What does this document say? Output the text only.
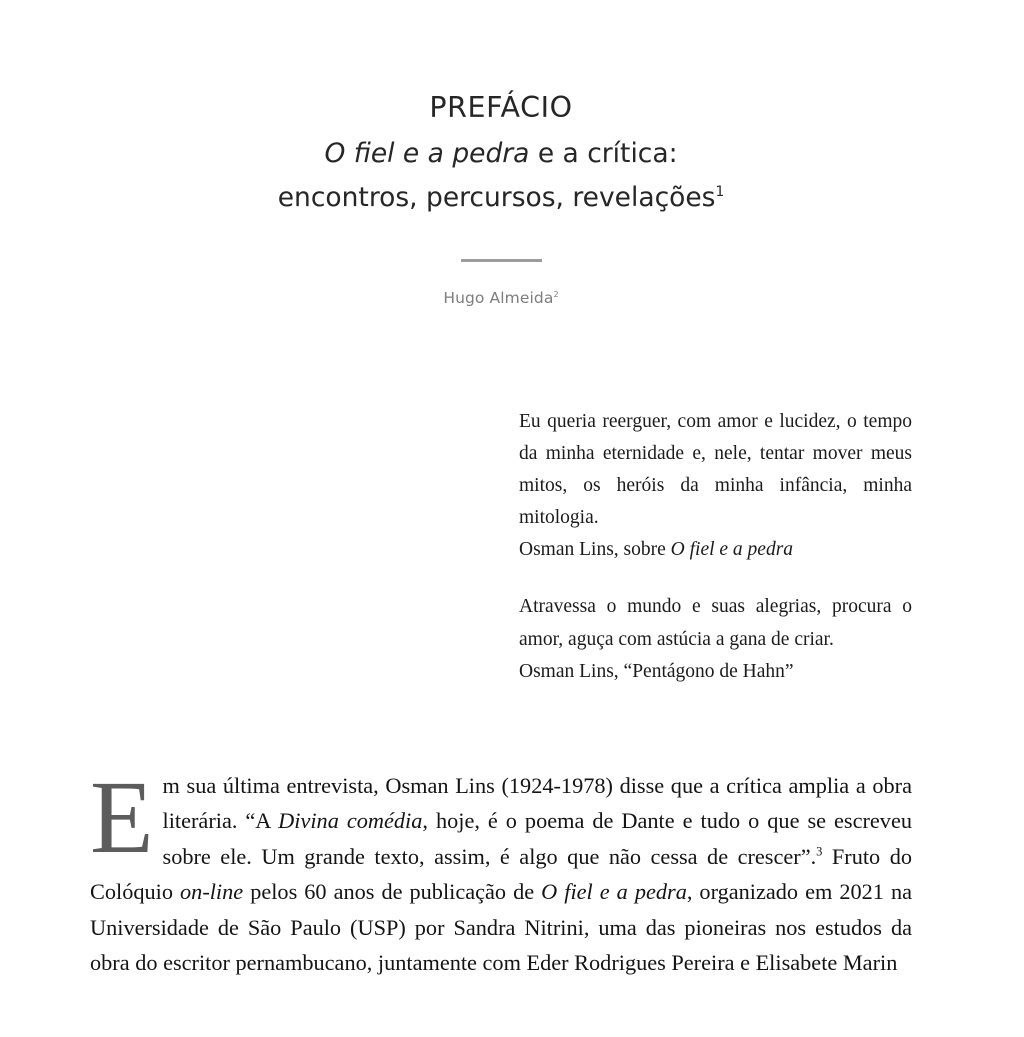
PREFÁCIO
O fiel e a pedra e a crítica:
encontros, percursos, revelações$^1$
Hugo Almeida$^2$

Eu queria reerguer, com amor e lucidez, o tempo da minha eternidade e, nele, tentar mover meus mitos, os heróis da minha infância, minha mitologia.
Osman Lins, sobre O fiel e a pedra

Atravessa o mundo e suas alegrias, procura o amor, aguça com astúcia a gana de criar.
Osman Lins, “Pentágono de Hahn”

Em sua última entrevista, Osman Lins (1924-1978) disse que a crítica amplia a obra literária. “A Divina comédia, hoje, é o poema de Dante e tudo o que se escreveu sobre ele. Um grande texto, assim, é algo que não cessa de crescer”.$^3$ Fruto do Colóquio on-line pelos 60 anos de publicação de O fiel e a pedra, organizado em 2021 na Universidade de São Paulo (USP) por Sandra Nitrini, uma das pioneiras nos estudos da obra do escritor pernambucano, juntamente com Eder Rodrigues Pereira e Elisabete Marin
